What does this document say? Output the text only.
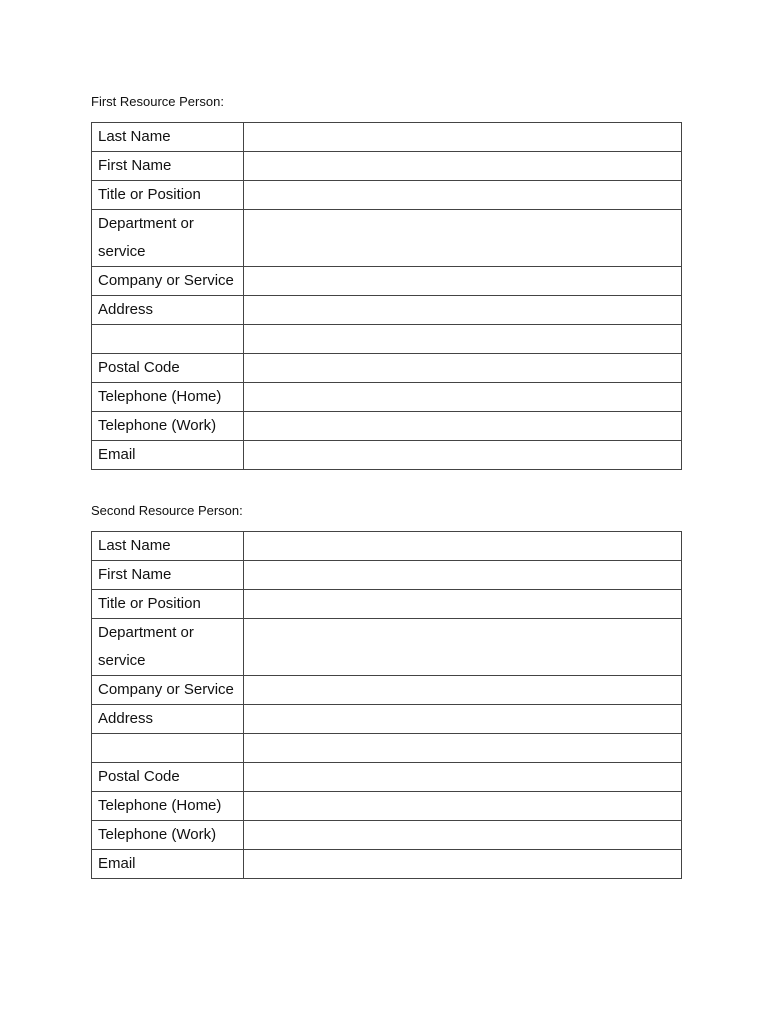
First Resource Person:
Last Name	
First Name	
Title or Position	

Department or
service	

Company or Service	
Address	

Postal Code	
Telephone (Home)	
Telephone (Work)	
Email	
Second Resource Person:
Last Name	
First Name	
Title or Position	

Department or
service	

Company or Service	
Address	

Postal Code	
Telephone (Home)	
Telephone (Work)	
Email	
